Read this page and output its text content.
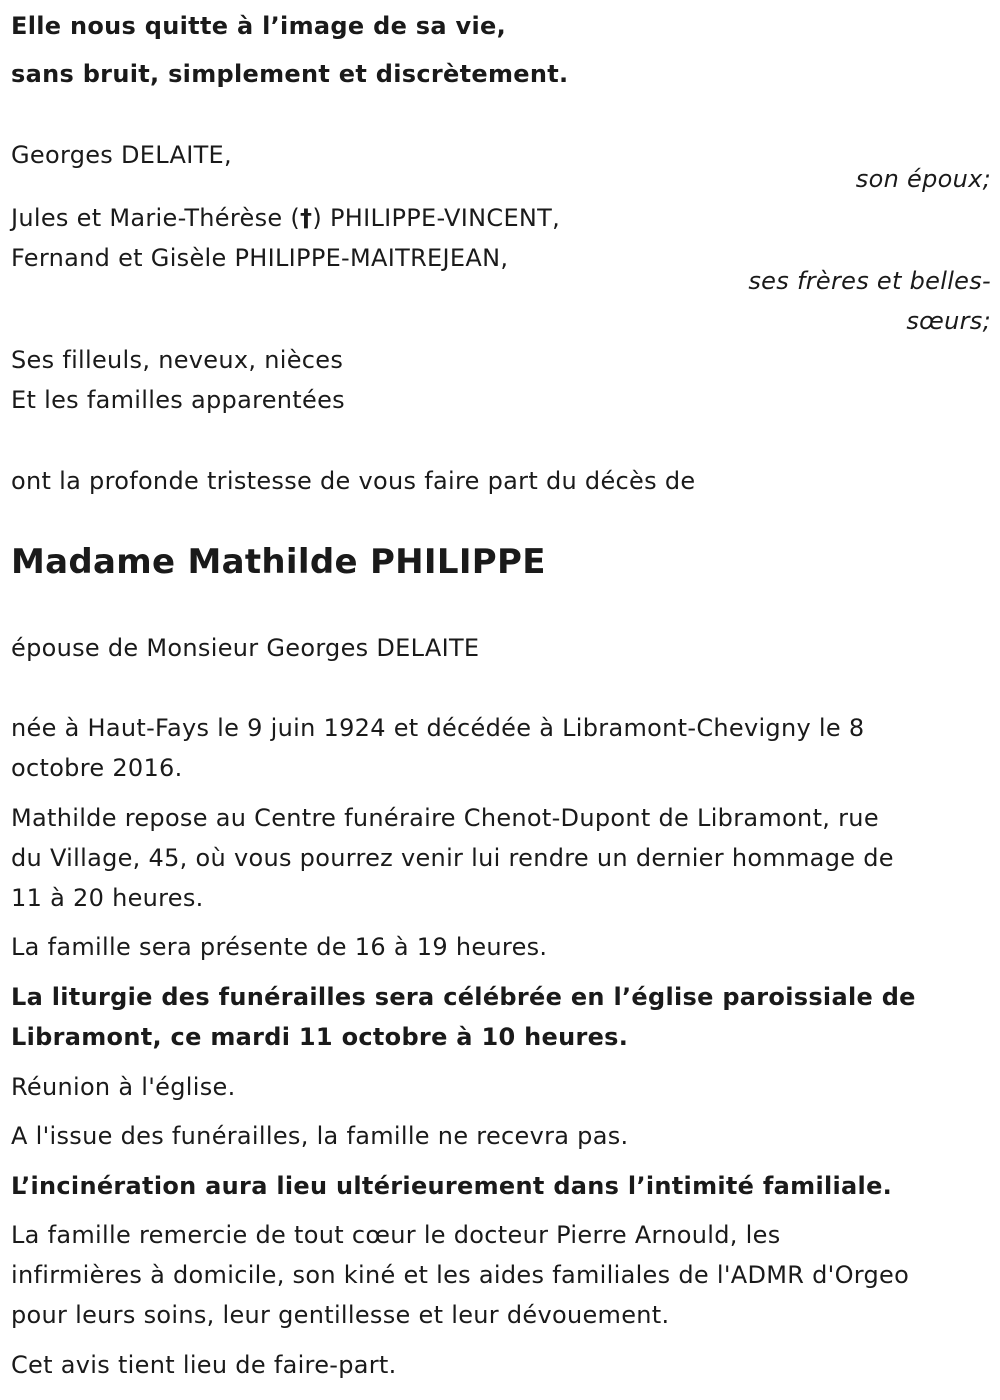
Elle nous quitte à l’image de sa vie,
sans bruit, simplement et discrètement.
Georges DELAITE,
son époux;
Jules et Marie-Thérèse (†) PHILIPPE-VINCENT,
Fernand et Gisèle PHILIPPE-MAITREJEAN,
ses frères et belles-
sœurs;
Ses filleuls, neveux, nièces
Et les familles apparentées
ont la profonde tristesse de vous faire part du décès de
Madame Mathilde PHILIPPE
épouse de Monsieur Georges DELAITE
née à Haut-Fays le 9 juin 1924 et décédée à Libramont-Chevigny le 8
octobre 2016.
Mathilde repose au Centre funéraire Chenot-Dupont de Libramont, rue
du Village, 45, où vous pourrez venir lui rendre un dernier hommage de
11 à 20 heures.
La famille sera présente de 16 à 19 heures.
La liturgie des funérailles sera célébrée en l’église paroissiale de
Libramont, ce mardi 11 octobre à 10 heures.
Réunion à l'église.
A l'issue des funérailles, la famille ne recevra pas.
L’incinération aura lieu ultérieurement dans l’intimité familiale.
La famille remercie de tout cœur le docteur Pierre Arnould, les
infirmières à domicile, son kiné et les aides familiales de l'ADMR d'Orgeo
pour leurs soins, leur gentillesse et leur dévouement.
Cet avis tient lieu de faire-part.
